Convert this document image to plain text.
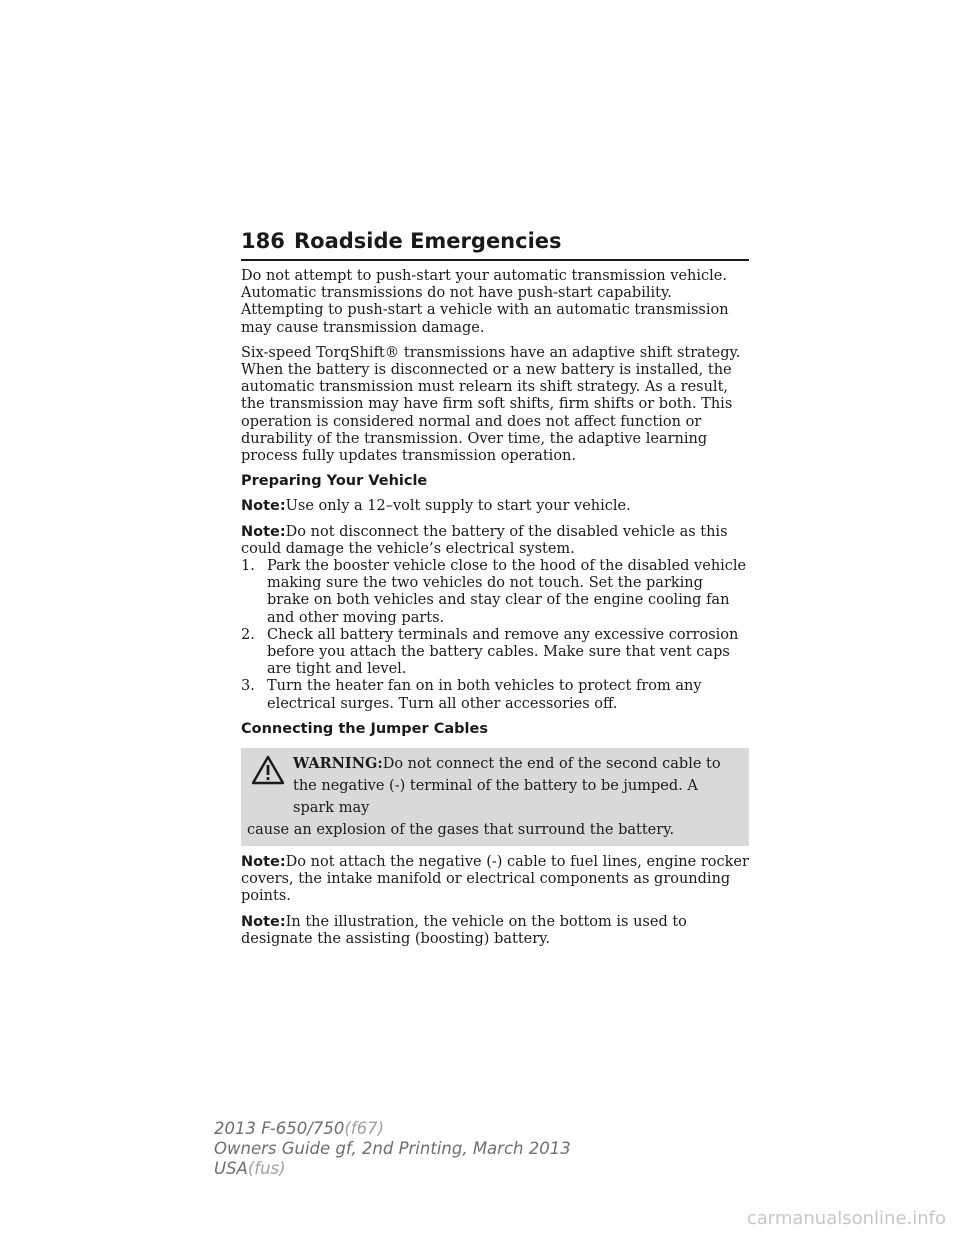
186 Roadside Emergencies

Do not attempt to push-start your automatic transmission vehicle. Automatic transmissions do not have push-start capability. Attempting to push-start a vehicle with an automatic transmission may cause transmission damage.

Six-speed TorqShift® transmissions have an adaptive shift strategy. When the battery is disconnected or a new battery is installed, the automatic transmission must relearn its shift strategy. As a result, the transmission may have firm soft shifts, firm shifts or both. This operation is considered normal and does not affect function or durability of the transmission. Over time, the adaptive learning process fully updates transmission operation.

Preparing Your Vehicle

Note:Use only a 12–volt supply to start your vehicle.

Note:Do not disconnect the battery of the disabled vehicle as this could damage the vehicle’s electrical system.

1. Park the booster vehicle close to the hood of the disabled vehicle making sure the two vehicles do not touch. Set the parking brake on both vehicles and stay clear of the engine cooling fan and other moving parts.
2. Check all battery terminals and remove any excessive corrosion before you attach the battery cables. Make sure that vent caps are tight and level.
3. Turn the heater fan on in both vehicles to protect from any electrical surges. Turn all other accessories off.
Connecting the Jumper Cables
WARNING:Do not connect the end of the second cable to the negative (-) terminal of the battery to be jumped. A spark may
cause an explosion of the gases that surround the battery.

Note:Do not attach the negative (-) cable to fuel lines, engine rocker covers, the intake manifold or electrical components as grounding points.

Note:In the illustration, the vehicle on the bottom is used to designate the assisting (boosting) battery.

2013 F-650/750(f67)
Owners Guide gf, 2nd Printing, March 2013
USA(fus)
carmanualsonline.info
